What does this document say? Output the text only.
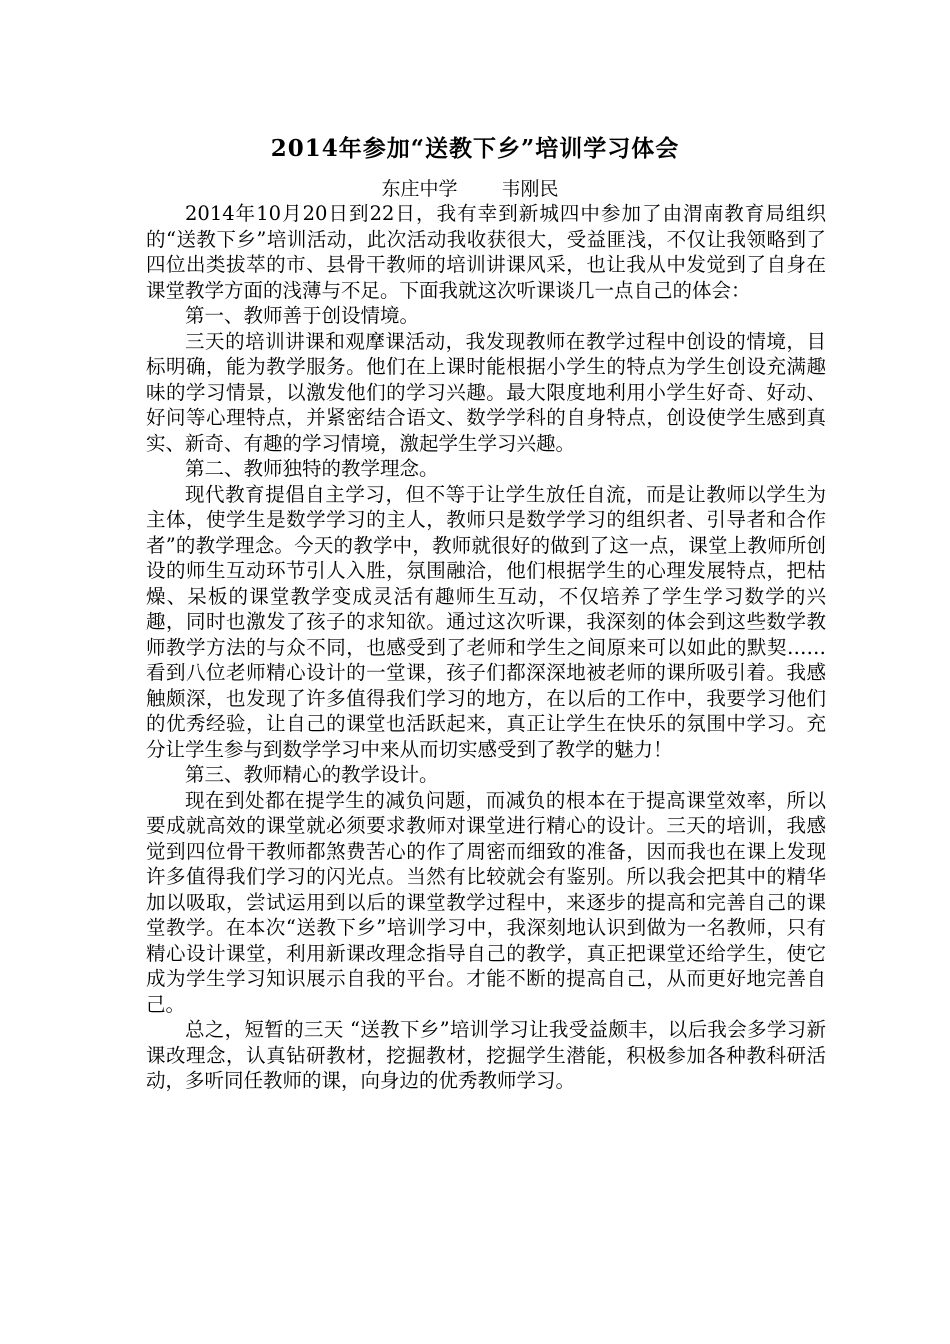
2014年参加“送教下乡”培训学习体会
东庄中学 韦刚民

2014年10月20日到22日，我有幸到新城四中参加了由渭南教育局组织的“送教下乡”培训活动，此次活动我收获很大，受益匪浅，不仅让我领略到了四位出类拔萃的市、县骨干教师的培训讲课风采，也让我从中发觉到了自身在课堂教学方面的浅薄与不足。下面我就这次听课谈几一点自己的体会：

第一、教师善于创设情境。

三天的培训讲课和观摩课活动，我发现教师在教学过程中创设的情境，目标明确，能为教学服务。他们在上课时能根据小学生的特点为学生创设充满趣味的学习情景，以激发他们的学习兴趣。最大限度地利用小学生好奇、好动、好问等心理特点，并紧密结合语文、数学学科的自身特点，创设使学生感到真实、新奇、有趣的学习情境，激起学生学习兴趣。

第二、教师独特的教学理念。

现代教育提倡自主学习，但不等于让学生放任自流，而是让教师以学生为主体，使学生是数学学习的主人，教师只是数学学习的组织者、引导者和合作者”的教学理念。今天的教学中，教师就很好的做到了这一点，课堂上教师所创设的师生互动环节引人入胜，氛围融洽，他们根据学生的心理发展特点，把枯燥、呆板的课堂教学变成灵活有趣师生互动，不仅培养了学生学习数学的兴趣，同时也激发了孩子的求知欲。通过这次听课，我深刻的体会到这些数学教师教学方法的与众不同，也感受到了老师和学生之间原来可以如此的默契……看到八位老师精心设计的一堂课，孩子们都深深地被老师的课所吸引着。我感触颇深，也发现了许多值得我们学习的地方，在以后的工作中，我要学习他们的优秀经验，让自己的课堂也活跃起来，真正让学生在快乐的氛围中学习。充分让学生参与到数学学习中来从而切实感受到了教学的魅力！

第三、教师精心的教学设计。

现在到处都在提学生的减负问题，而减负的根本在于提高课堂效率，所以要成就高效的课堂就必须要求教师对课堂进行精心的设计。三天的培训，我感觉到四位骨干教师都煞费苦心的作了周密而细致的准备，因而我也在课上发现许多值得我们学习的闪光点。当然有比较就会有鉴别。所以我会把其中的精华加以吸取，尝试运用到以后的课堂教学过程中，来逐步的提高和完善自己的课堂教学。在本次“送教下乡”培训学习中，我深刻地认识到做为一名教师，只有精心设计课堂，利用新课改理念指导自己的教学，真正把课堂还给学生，使它成为学生学习知识展示自我的平台。才能不断的提高自己，从而更好地完善自己。

总之，短暂的三天 “送教下乡”培训学习让我受益颇丰，以后我会多学习新课改理念，认真钻研教材，挖掘教材，挖掘学生潜能，积极参加各种教科研活动，多听同任教师的课，向身边的优秀教师学习。
